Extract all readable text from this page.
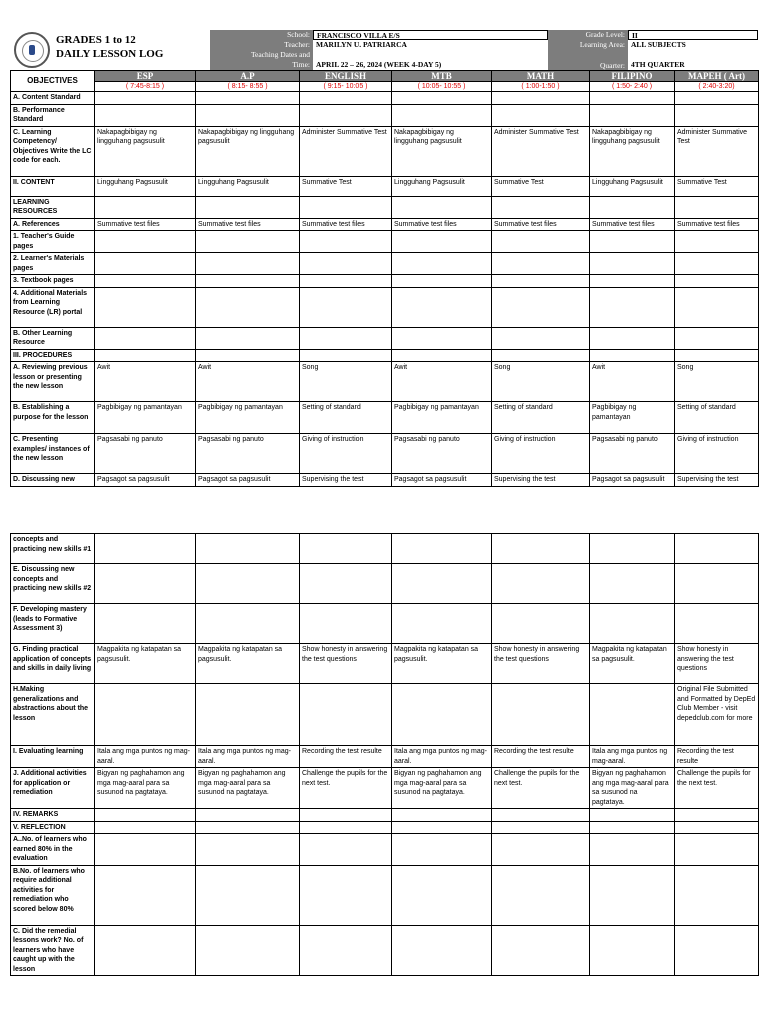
GRADES 1 to 12
DAILY LESSON LOG
School: FRANCISCO VILLA E/S
Teacher: MARILYN U. PATRIARCA
Teaching Dates and
Time: APRIL 22 – 26, 2024 (WEEK 4-DAY 5)
Grade Level: II
Learning Area: ALL SUBJECTS
Quarter: 4TH QUARTER
OBJECTIVES	ESP	A.P	ENGLISH	MTB	MATH	FILIPINO	MAPEH ( Art)
	( 7:45-8:15 )	( 8:15- 8:55 )	( 9:15- 10:05 )	( 10:05- 10:55 )	( 1:00-1:50 )	( 1:50- 2:40 )	( 2:40-3:20)
A. Content Standard							
B. Performance Standard							
C. Learning Competency/ Objectives Write the LC code for each.	Nakapagbibigay ng lingguhang pagsusulit	Nakapagbibigay ng lingguhang pagsusulit	Administer Summative Test	Nakapagbibigay ng lingguhang pagsusulit	Administer Summative Test	Nakapagbibigay ng lingguhang pagsusulit	Administer Summative Test
II. CONTENT	Lingguhang Pagsusulit	Lingguhang Pagsusulit	Summative Test	Lingguhang Pagsusulit	Summative Test	Lingguhang Pagsusulit	Summative Test
LEARNING RESOURCES							
A. References	Summative test files	Summative test files	Summative test files	Summative test files	Summative test files	Summative test files	Summative test files
1. Teacher's Guide pages							
2. Learner's Materials pages							
3. Textbook pages							
4. Additional Materials from Learning Resource (LR) portal							
B. Other Learning Resource							
III. PROCEDURES							
A. Reviewing previous lesson or presenting the new lesson	Awit	Awit	Song	Awit	Song	Awit	Song
B. Establishing a purpose for the lesson	Pagbibigay ng pamantayan	Pagbibigay ng pamantayan	Setting of standard	Pagbibigay ng pamantayan	Setting of standard	Pagbibigay ng pamantayan	Setting of standard
C. Presenting examples/ instances of the new lesson	Pagsasabi ng panuto	Pagsasabi ng panuto	Giving of instruction	Pagsasabi ng panuto	Giving of instruction	Pagsasabi ng panuto	Giving of instruction
D. Discussing new	Pagsagot sa pagsusulit	Pagsagot sa pagsusulit	Supervising the test	Pagsagot sa pagsusulit	Supervising the test	Pagsagot sa pagsusulit	Supervising the test
concepts and practicing new skills #1							
E. Discussing new concepts and practicing new skills #2							
F. Developing mastery (leads to Formative Assessment 3)							
G. Finding practical application of concepts and skills in daily living	Magpakita ng katapatan sa pagsusulit.	Magpakita ng katapatan sa pagsusulit.	Show honesty in answering the test questions	Magpakita ng katapatan sa pagsusulit.	Show honesty in answering the test questions	Magpakita ng katapatan sa pagsusulit.	Show honesty in answering the test questions
H.Making generalizations and abstractions about the lesson							Original File Submitted and Formatted by DepEd Club Member - visit depedclub.com for more
I. Evaluating learning	Itala ang mga puntos ng mag-aaral.	Itala ang mga puntos ng mag-aaral.	Recording the test resulte	Itala ang mga puntos ng mag-aaral.	Recording the test resulte	Itala ang mga puntos ng mag-aaral.	Recording the test resulte
J. Additional activities for application or remediation	Bigyan ng paghahamon ang mga mag-aaral para sa susunod na pagtataya.	Bigyan ng paghahamon ang mga mag-aaral para sa susunod na pagtataya.	Challenge the pupils for the next test.	Bigyan ng paghahamon ang mga mag-aaral para sa susunod na pagtataya.	Challenge the pupils for the next test.	Bigyan ng paghahamon ang mga mag-aaral para sa susunod na pagtataya.	Challenge the pupils for the next test.
IV. REMARKS							
V. REFLECTION							
A..No. of learners who earned 80% in the evaluation							
B.No. of learners who require additional activities for remediation who scored below 80%							
C. Did the remedial lessons work? No. of learners who have caught up with the lesson							
